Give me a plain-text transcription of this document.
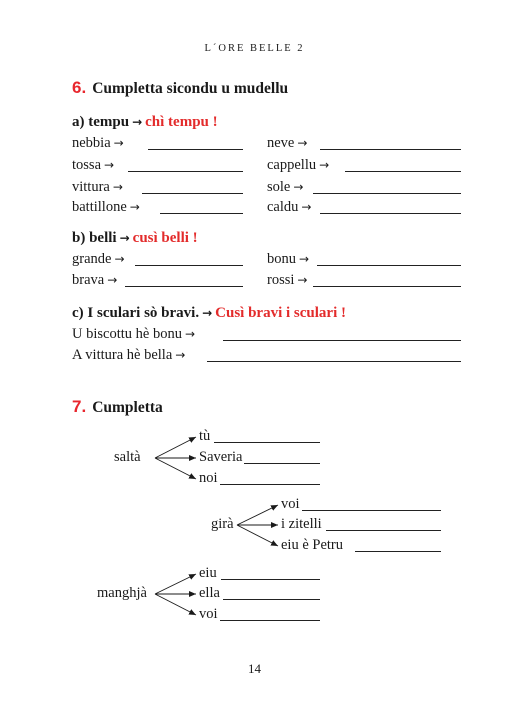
L´ORE BELLE 2
6. Cumpletta sicondu u mudellu
a) tempu → chì tempu !
nebbia →
tossa →
vittura →
battillone →
neve →
cappellu →
sole →
caldu →
b) belli → cusì belli !
grande →
brava →
bonu →
rossi →
c) I sculari sò bravi. → Cusì bravi i sculari !
U biscottu hè bonu →
A vittura hè bella →
7. Cumpletta
saltà
tù
Saveria
noi
girà
voi
i zitelli
eiu è Petru
manghjà
eiu
ella
voi
14
